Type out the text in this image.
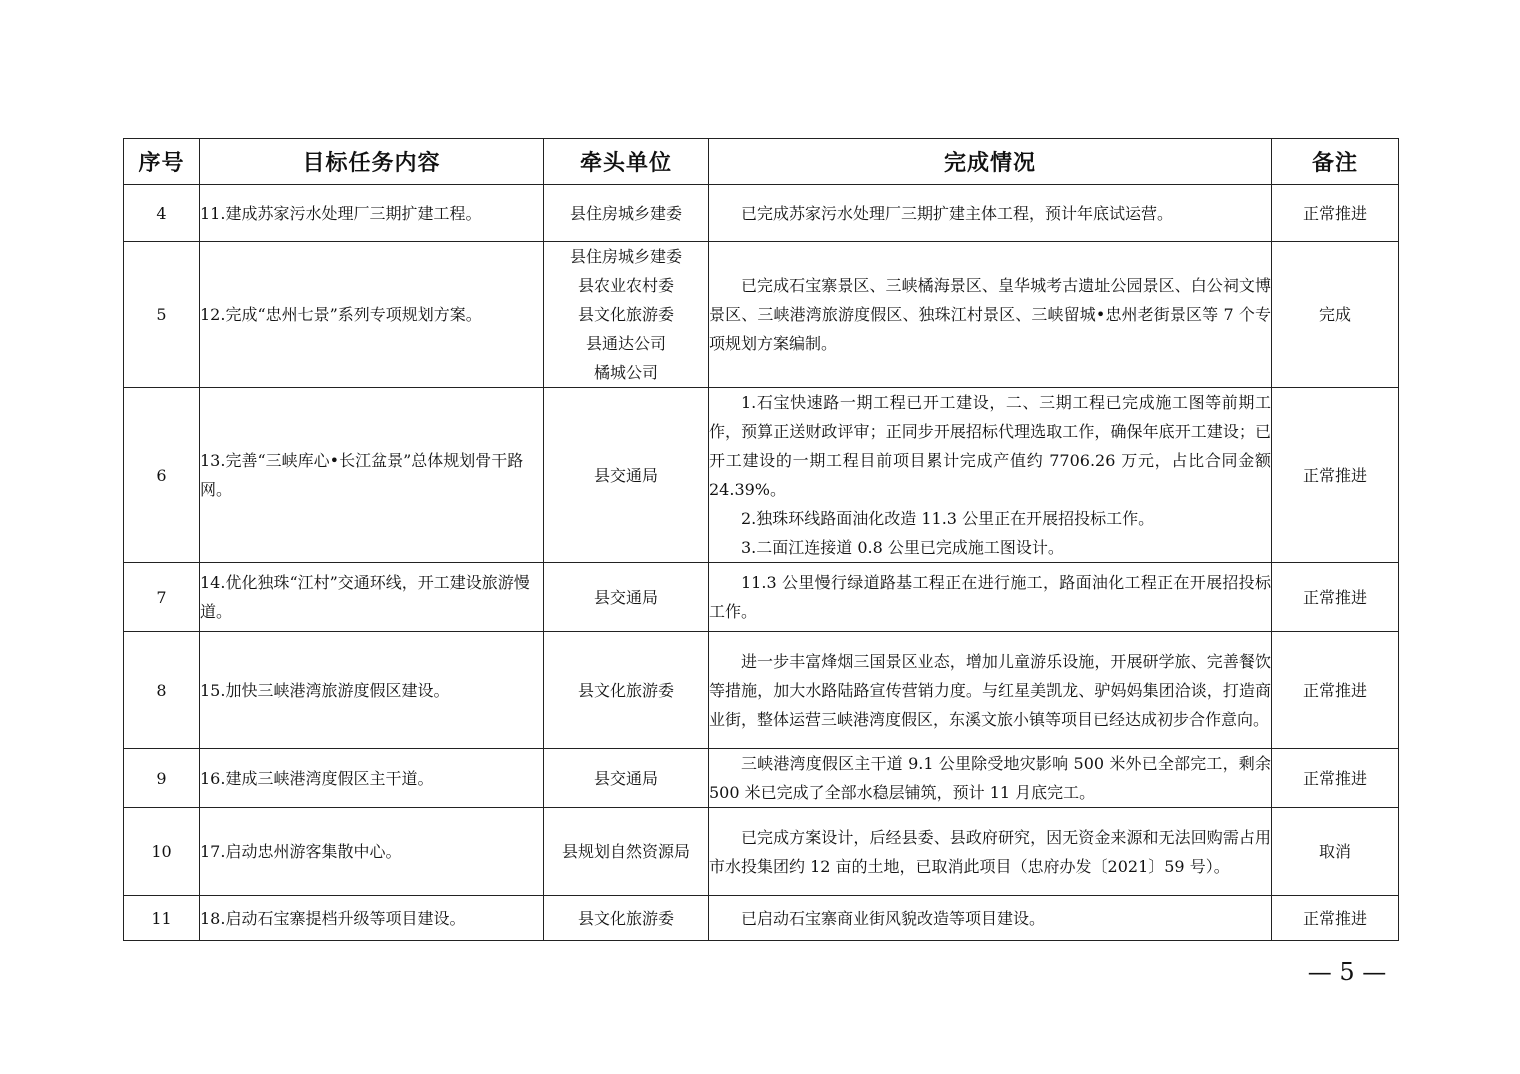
序号	目标任务内容	牵头单位	完成情况	备注
4	11.建成苏家污水处理厂三期扩建工程。	县住房城乡建委	已完成苏家污水处理厂三期扩建主体工程，预计年底试运营。	正常推进
5	12.完成“忠州七景”系列专项规划方案。	县住房城乡建委
县农业农村委
县文化旅游委
县通达公司
橘城公司	已完成石宝寨景区、三峡橘海景区、皇华城考古遗址公园景区、白公祠文博景区、三峡港湾旅游度假区、独珠江村景区、三峡留城•忠州老街景区等 7 个专项规划方案编制。	完成
6	13.完善“三峡库心•长江盆景”总体规划骨干路网。	县交通局	1.石宝快速路一期工程已开工建设，二、三期工程已完成施工图等前期工作，预算正送财政评审；正同步开展招标代理选取工作，确保年底开工建设；已开工建设的一期工程目前项目累计完成产值约 7706.26 万元，占比合同金额 24.39%。
2.独珠环线路面油化改造 11.3 公里正在开展招投标工作。
3.二面江连接道 0.8 公里已完成施工图设计。	正常推进
7	14.优化独珠“江村”交通环线，开工建设旅游慢道。	县交通局	11.3 公里慢行绿道路基工程正在进行施工，路面油化工程正在开展招投标工作。	正常推进
8	15.加快三峡港湾旅游度假区建设。	县文化旅游委	进一步丰富烽烟三国景区业态，增加儿童游乐设施，开展研学旅、完善餐饮等措施，加大水路陆路宣传营销力度。与红星美凯龙、驴妈妈集团洽谈，打造商业街，整体运营三峡港湾度假区，东溪文旅小镇等项目已经达成初步合作意向。	正常推进
9	16.建成三峡港湾度假区主干道。	县交通局	三峡港湾度假区主干道 9.1 公里除受地灾影响 500 米外已全部完工，剩余 500 米已完成了全部水稳层铺筑，预计 11 月底完工。	正常推进
10	17.启动忠州游客集散中心。	县规划自然资源局	已完成方案设计，后经县委、县政府研究，因无资金来源和无法回购需占用市水投集团约 12 亩的土地，已取消此项目（忠府办发〔2021〕59 号）。	取消
11	18.启动石宝寨提档升级等项目建设。	县文化旅游委	已启动石宝寨商业街风貌改造等项目建设。	正常推进
— 5 —
